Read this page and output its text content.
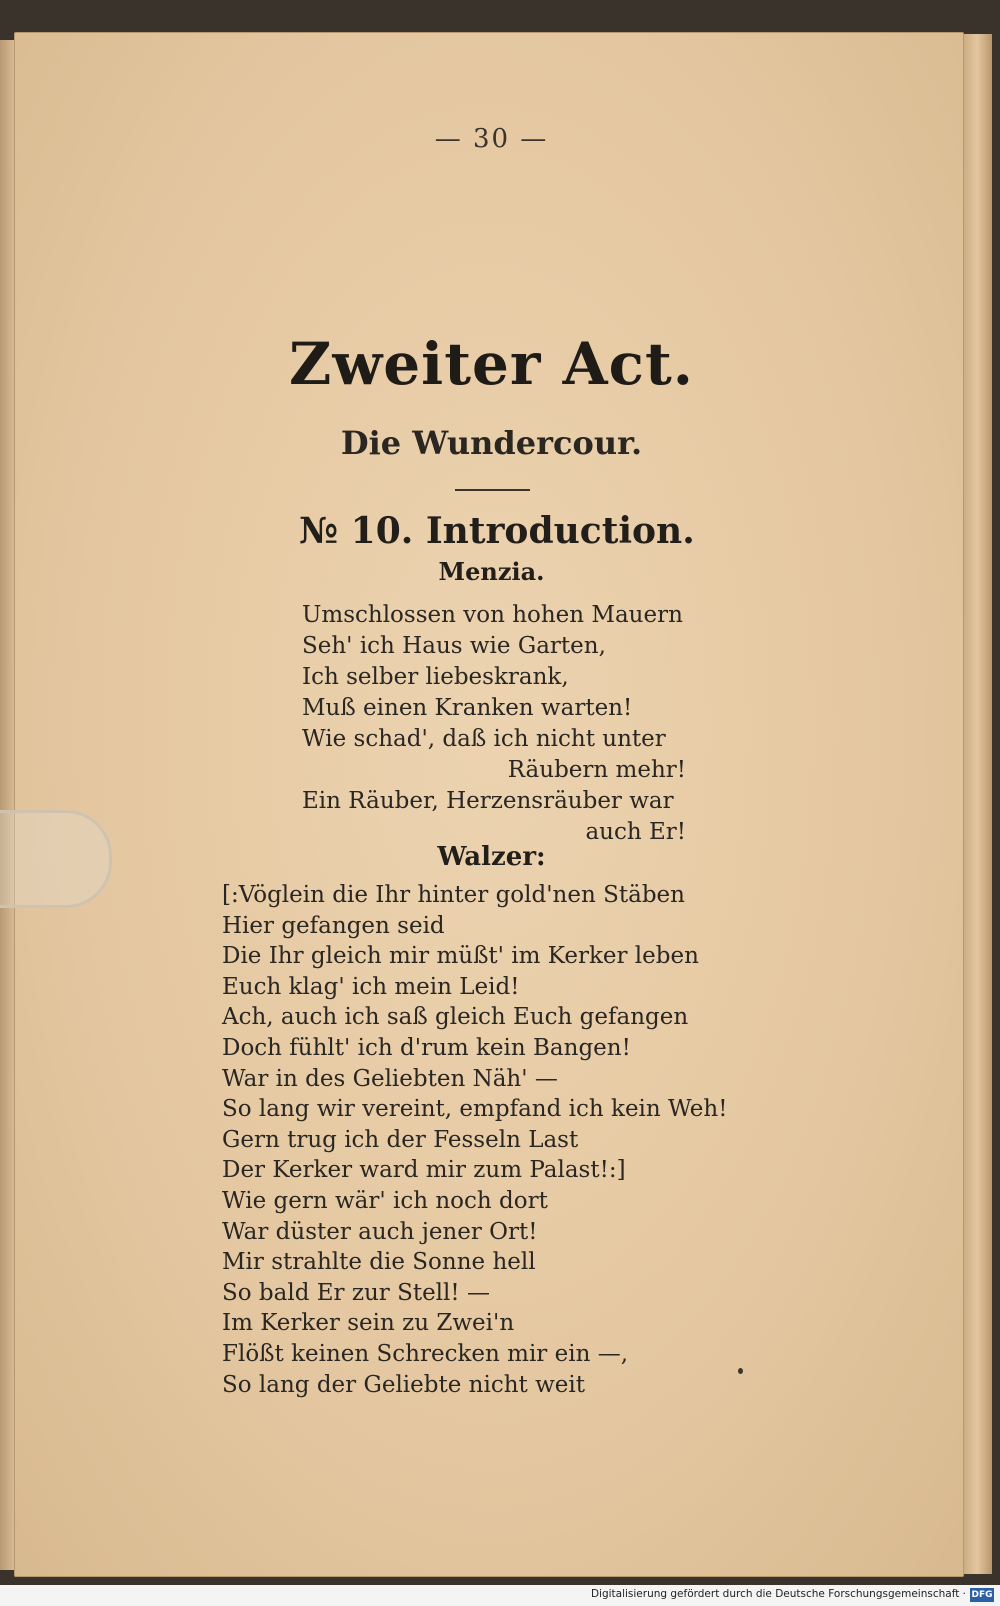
— 30 —
Zweiter Act.
Die Wundercour.
№ 10. Introduction.
Menzia.
Umschlossen von hohen Mauern
Seh' ich Haus wie Garten,
Ich selber liebeskrank,
Muß einen Kranken warten!
Wie schad', daß ich nicht unter
Räubern mehr!
Ein Räuber, Herzensräuber war
auch Er!
Walzer:
[:Vöglein die Ihr hinter gold'nen Stäben
Hier gefangen seid
Die Ihr gleich mir müßt' im Kerker leben
Euch klag' ich mein Leid!
Ach, auch ich saß gleich Euch gefangen
Doch fühlt' ich d'rum kein Bangen!
War in des Geliebten Näh' —
So lang wir vereint, empfand ich kein Weh!
Gern trug ich der Fesseln Last
Der Kerker ward mir zum Palast!:]
Wie gern wär' ich noch dort
War düster auch jener Ort!
Mir strahlte die Sonne hell
So bald Er zur Stell! —
Im Kerker sein zu Zwei'n
Flößt keinen Schrecken mir ein —,
So lang der Geliebte nicht weit
Digitalisierung gefördert durch die Deutsche Forschungsgemeinschaft · DFG
